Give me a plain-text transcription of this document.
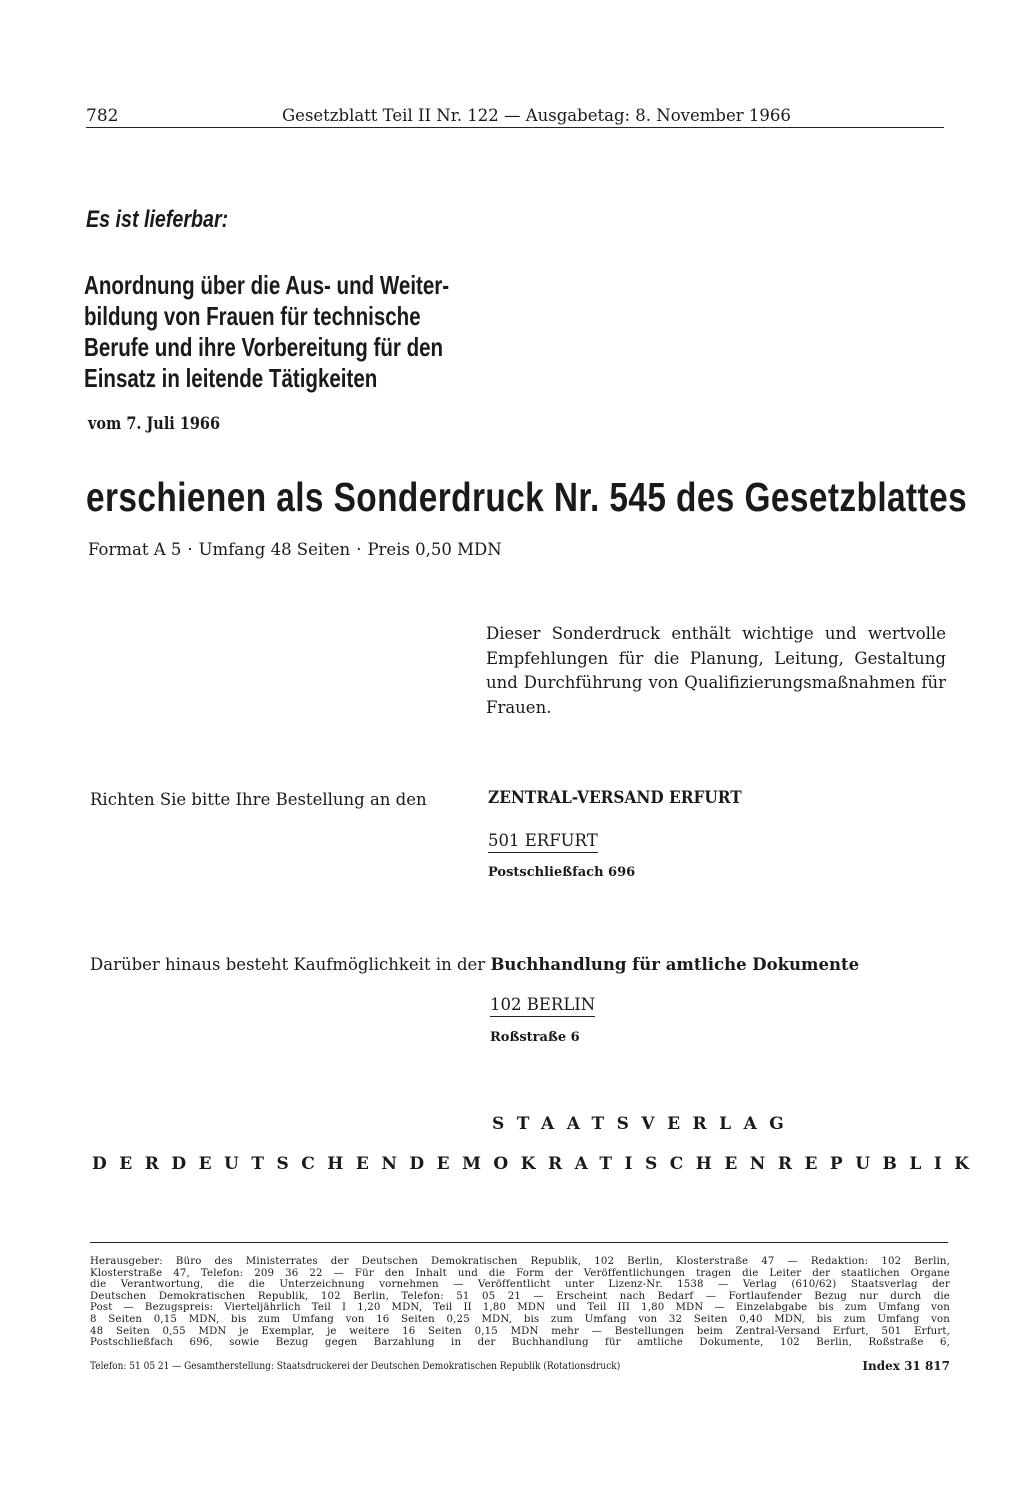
782	Gesetzblatt Teil II Nr. 122 — Ausgabetag: 8. November 1966
Es ist lieferbar:
Anordnung über die Aus- und Weiter-
bildung von Frauen für technische
Berufe und ihre Vorbereitung für den
Einsatz in leitende Tätigkeiten
vom 7. Juli 1966
erschienen als Sonderdruck Nr. 545 des Gesetzblattes
Format A 5 · Umfang 48 Seiten · Preis 0,50 MDN
Dieser Sonderdruck enthält wichtige und wertvolle Empfehlungen für die Planung, Leitung, Gestaltung und Durchführung von Qualifizierungsmaßnahmen für Frauen.
Richten Sie bitte Ihre Bestellung an den	ZENTRAL-VERSAND ERFURT
501 ERFURT
Postschließfach 696
Darüber hinaus besteht Kaufmöglichkeit in der Buchhandlung für amtliche Dokumente
102 BERLIN
Roßstraße 6
STAATSVERLAG
DER DEUTSCHEN DEMOKRATISCHEN REPUBLIK
Herausgeber: Büro des Ministerrates der Deutschen Demokratischen Republik, 102 Berlin, Klosterstraße 47 — Redaktion: 102 Berlin,
Klosterstraße 47, Telefon: 209 36 22 — Für den Inhalt und die Form der Veröffentlichungen tragen die Leiter der staatlichen Organe
die Verantwortung, die die Unterzeichnung vornehmen — Veröffentlicht unter Lizenz-Nr. 1538 — Verlag (610/62) Staatsverlag der
Deutschen Demokratischen Republik, 102 Berlin, Telefon: 51 05 21 — Erscheint nach Bedarf — Fortlaufender Bezug nur durch die
Post — Bezugspreis: Vierteljährlich Teil I 1,20 MDN, Teil II 1,80 MDN und Teil III 1,80 MDN — Einzelabgabe bis zum Umfang von
8 Seiten 0,15 MDN, bis zum Umfang von 16 Seiten 0,25 MDN, bis zum Umfang von 32 Seiten 0,40 MDN, bis zum Umfang von
48 Seiten 0,55 MDN je Exemplar, je weitere 16 Seiten 0,15 MDN mehr — Bestellungen beim Zentral-Versand Erfurt, 501 Erfurt,
Postschließfach 696, sowie Bezug gegen Barzahlung in der Buchhandlung für amtliche Dokumente, 102 Berlin, Roßstraße 6,
Telefon: 51 05 21 — Gesamtherstellung: Staatsdruckerei der Deutschen Demokratischen Republik (Rotationsdruck)	Index 31 817
